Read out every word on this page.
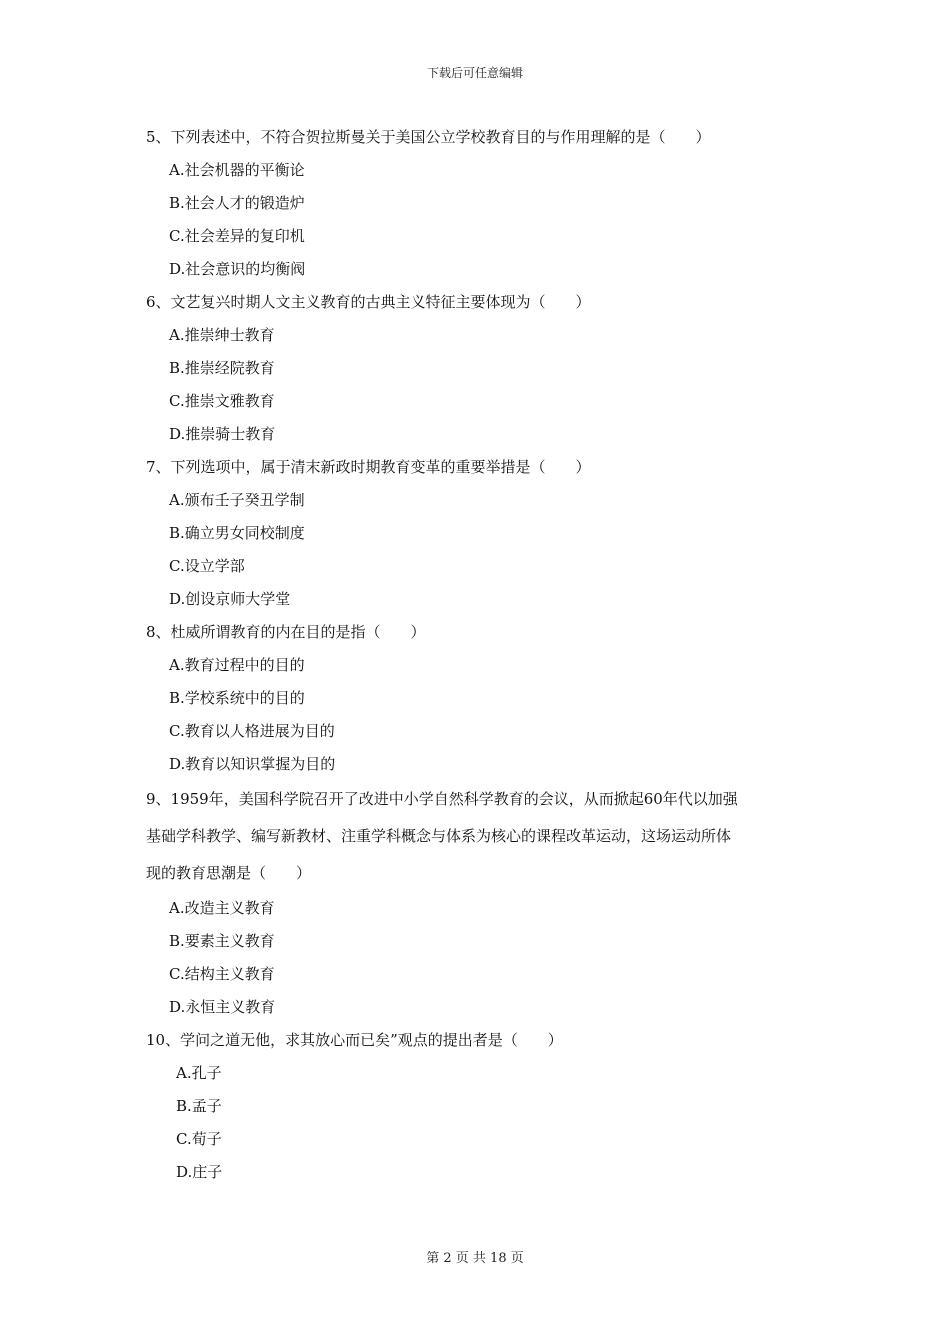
下载后可任意编辑

5、下列表述中，不符合贺拉斯曼关于美国公立学校教育目的与作用理解的是（　　）

A.社会机器的平衡论
B.社会人才的锻造炉
C.社会差异的复印机
D.社会意识的均衡阀

6、文艺复兴时期人文主义教育的古典主义特征主要体现为（　　）

A.推崇绅士教育
B.推崇经院教育
C.推崇文雅教育
D.推崇骑士教育

7、下列选项中，属于清末新政时期教育变革的重要举措是（　　）

A.颁布壬子癸丑学制
B.确立男女同校制度
C.设立学部
D.创设京师大学堂

8、杜威所谓教育的内在目的是指（　　）

A.教育过程中的目的
B.学校系统中的目的
C.教育以人格进展为目的
D.教育以知识掌握为目的

9、1959年，美国科学院召开了改进中小学自然科学教育的会议，从而掀起60年代以加强

基础学科教学、编写新教材、注重学科概念与体系为核心的课程改革运动，这场运动所体

现的教育思潮是（　　）

A.改造主义教育
B.要素主义教育
C.结构主义教育
D.永恒主义教育

10、学问之道无他，求其放心而已矣”观点的提出者是（　　）

A.孔子
B.孟子
C.荀子
D.庄子
第 2 页 共 18 页
